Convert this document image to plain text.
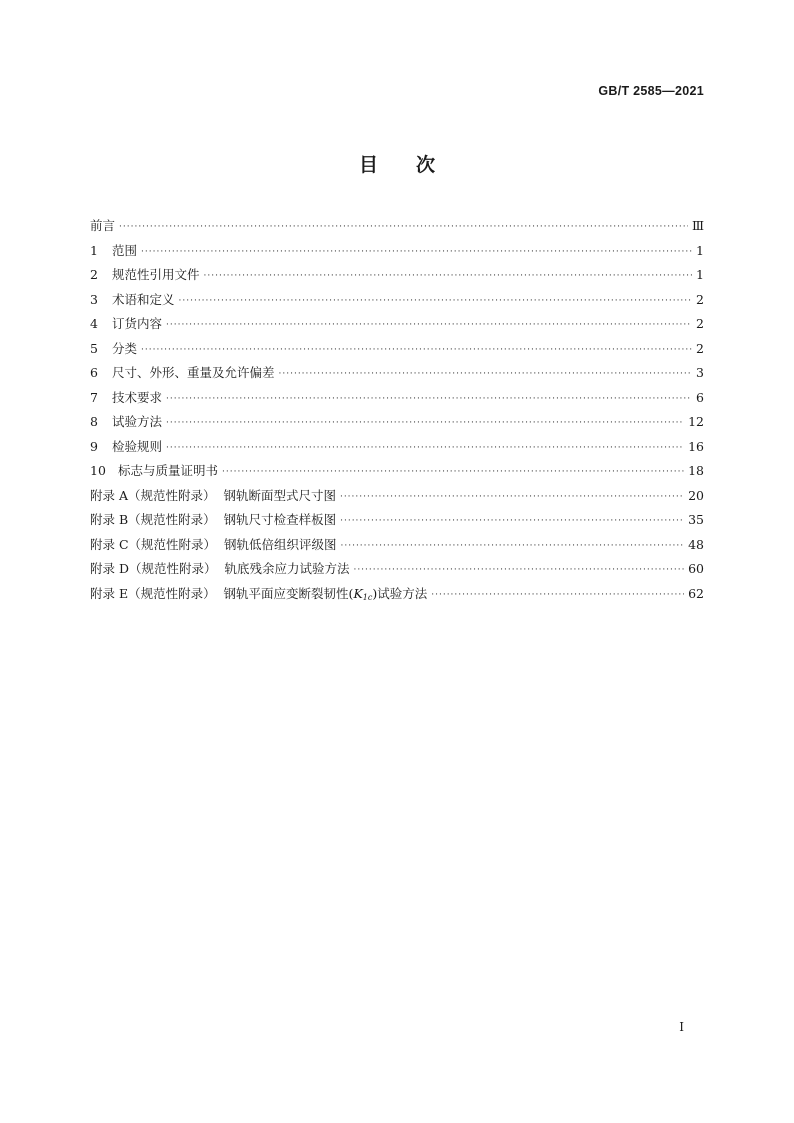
GB/T 2585—2021
目 次
前言 ·····	Ⅲ
1	范围 ·····	1
2	规范性引用文件 ·····	1
3	术语和定义 ·····	2
4	订货内容 ·····	2
5	分类 ·····	2
6	尺寸、外形、重量及允许偏差 ·····	3
7	技术要求 ·····	6
8	试验方法 ·····	12
9	检验规则 ·····	16
10 标志与质量证明书 ·····	18
附录 A（规范性附录）  钢轨断面型式尺寸图 ·····	20
附录 B（规范性附录）  钢轨尺寸检查样板图 ·····	35
附录 C（规范性附录）  钢轨低倍组织评级图 ·····	48
附录 D（规范性附录）  轨底残余应力试验方法 ·····	60
附录 E（规范性附录）  钢轨平面应变断裂韧性$(K_{1c})$试验方法 ·····	62
I
